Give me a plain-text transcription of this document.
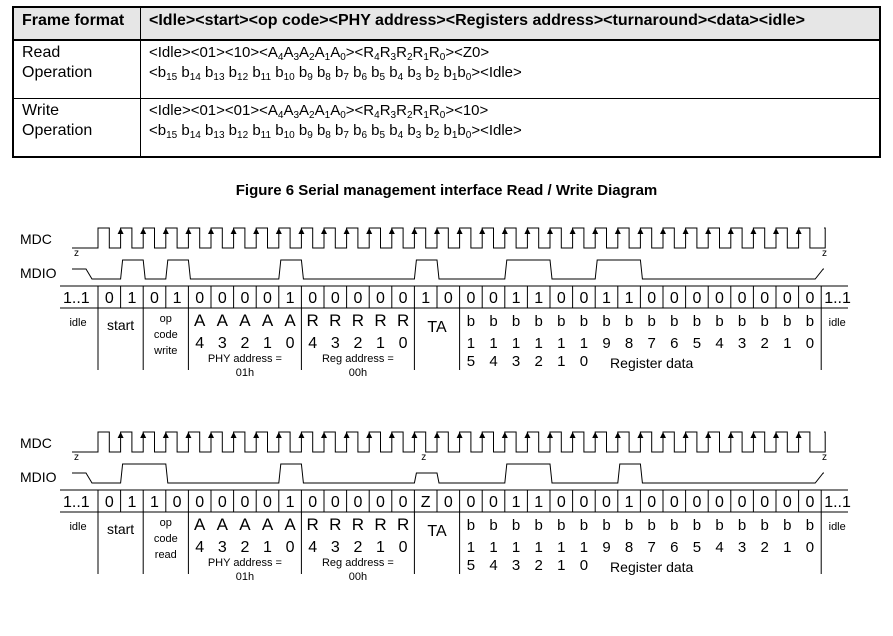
Frame format	<Idle><start><op code><PHY address><Registers address><turnaround><data><idle>
Read Operation	$<Idle><01><10><A_4A_3A_2A_1A_0><R_4R_3R_2R_1R_0><Z0>$
$<b_{15}$ $b_{14}$ $b_{13}$ $b_{12}$ $b_{11}$ $b_{10}$ $b_9$ $b_8$ $b_7$ $b_6$ $b_5$ $b_4$ $b_3$ $b_2$ $b_1b_0><Idle>$

Write Operation	$<Idle><01><01><A_4A_3A_2A_1A_0><R_4R_3R_2R_1R_0><10>$
$<b_{15}$ $b_{14}$ $b_{13}$ $b_{12}$ $b_{11}$ $b_{10}$ $b_9$ $b_8$ $b_7$ $b_6$ $b_5$ $b_4$ $b_3$ $b_2$ $b_1b_0><Idle>$
Figure 6 Serial management interface Read / Write Diagram
MDC
MDIO
z	z
1..1	1..1
0 1 0 1 0 0 0 0 1 0 0 0 0 0 1 0 0 0 1 1 0 0 1 1 0 0 0 0 0 0 0 0
idle	idle
start op
code
write
A A A A A
4 3 2 1 0
R R R R R
4 3 2 1 0
TA b b b b b b b b b b b b b b b b
1 1 1 1 1 1
5 4 3 2 1 0
9 8 7 6 5 4 3 2 1 0
PHY address =
01h
Reg address =
00h
Register data
MDC
MDIO
z	z
z
1..1	1..1
0 1 1 0 0 0 0 0 1 0 0 0 0 0 Z 0 0 0 1 1 0 0 0 1 0 0 0 0 0 0 0 0
idle	idle
start op
code
read
A A A A A
4 3 2 1 0
R R R R R
4 3 2 1 0
TA b b b b b b b b b b b b b b b b
1 1 1 1 1 1
5 4 3 2 1 0
9 8 7 6 5 4 3 2 1 0
PHY address =
01h
Reg address =
00h
Register data
